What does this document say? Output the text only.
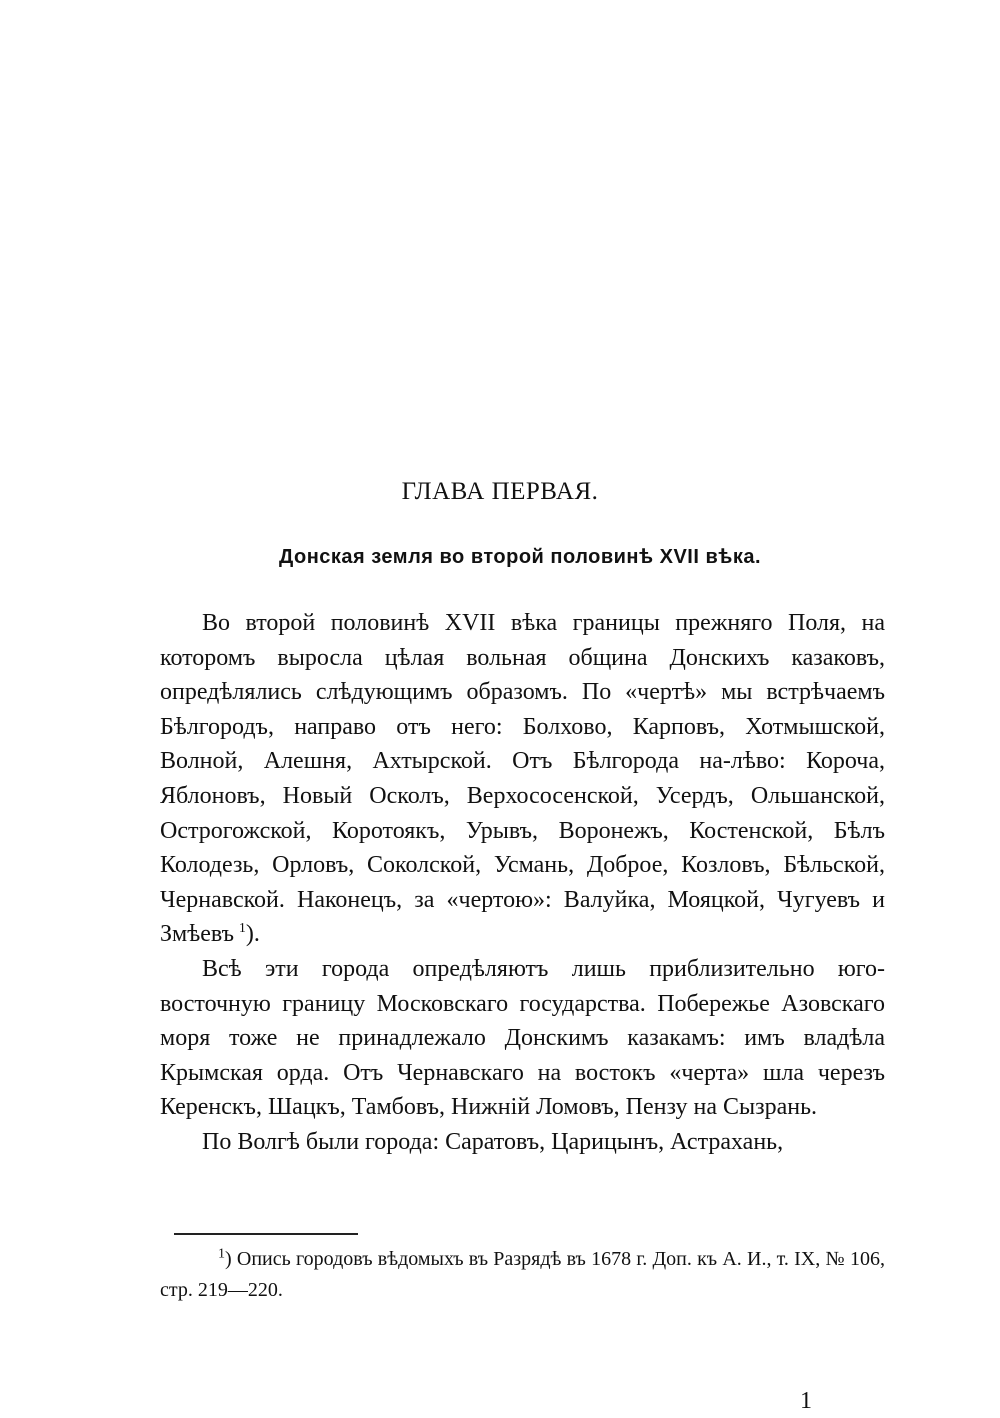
ГЛАВА ПЕРВАЯ.
Донская земля во второй половинѣ XVII вѣка.

Во второй половинѣ XVII вѣка границы прежняго Поля, на которомъ выросла цѣлая вольная община Донскихъ казаковъ, опредѣлялись слѣдующимъ образомъ. По «чертѣ» мы встрѣчаемъ Бѣлгородъ, направо отъ него: Болхово, Карповъ, Хотмышской, Волной, Алешня, Ахтырской. Отъ Бѣлгорода на-лѣво: Короча, Яблоновъ, Новый Осколъ, Верхососенской, Усердъ, Ольшанской, Острогожской, Коротоякъ, Урывъ, Воронежъ, Костенской, Бѣлъ Колодезь, Орловъ, Соколской, Усмань, Доброе, Козловъ, Бѣльской, Чернавской. Наконецъ, за «чертою»: Валуйка, Мояцкой, Чугуевъ и Змѣевъ  $^1$).

Всѣ эти города опредѣляютъ лишь приблизительно юго-восточную границу Московскаго государства. Побережье Азовскаго моря тоже не принадлежало Донскимъ казакамъ: имъ владѣла Крымская орда. Отъ Чернавскаго на востокъ «черта» шла черезъ Керенскъ, Шацкъ, Тамбовъ, Нижній Ломовъ, Пензу на Сызрань.

По Волгѣ были города: Саратовъ, Царицынъ, Астрахань,

$^1$) Опись городовъ вѣдомыхъ въ Разрядѣ въ 1678 г. Доп. къ А. И., т. IX, № 106, стр. 219—220.

1
